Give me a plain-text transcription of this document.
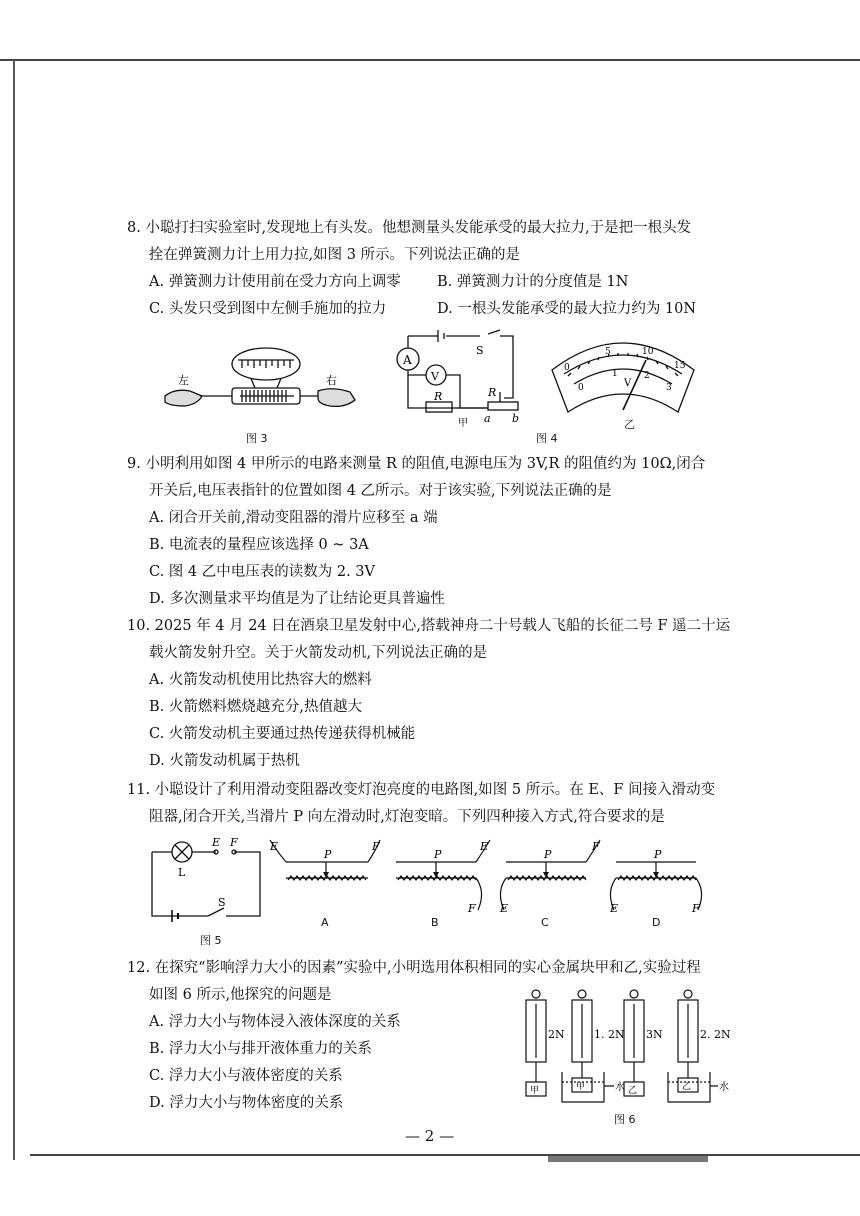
8. 小聪打扫实验室时,发现地上有头发。他想测量头发能承受的最大拉力,于是把一根头发
拴在弹簧测力计上用力拉,如图 3 所示。下列说法正确的是
A. 弹簧测力计使用前在受力方向上调零	B. 弹簧测力计的分度值是 1N
C. 头发只受到图中左侧手施加的拉力	D. 一根头发能承受的最大拉力约为 10N
左	右
图 3
A
V
S
R	R
a b
甲
图 4
0
5	10
15
0
1	2
3
V
乙
9. 小明利用如图 4 甲所示的电路来测量 R 的阻值,电源电压为 3V,R 的阻值约为 10Ω,闭合
开关后,电压表指针的位置如图 4 乙所示。对于该实验,下列说法正确的是
A. 闭合开关前,滑动变阻器的滑片应移至 a 端
B. 电流表的量程应该选择 0 ~ 3A
C. 图 4 乙中电压表的读数为 2. 3V
D. 多次测量求平均值是为了让结论更具普遍性
10. 2025 年 4 月 24 日在酒泉卫星发射中心,搭载神舟二十号载人飞船的长征二号 F 遥二十运
载火箭发射升空。关于火箭发动机,下列说法正确的是
A. 火箭发动机使用比热容大的燃料
B. 火箭燃料燃烧越充分,热值越大
C. 火箭发动机主要通过热传递获得机械能
D. 火箭发动机属于热机
11. 小聪设计了利用滑动变阻器改变灯泡亮度的电路图,如图 5 所示。在 E、F 间接入滑动变
阻器,闭合开关,当滑片 P 向左滑动时,灯泡变暗。下列四种接入方式,符合要求的是
E F
L
S
图 5
E	F
P
E
F
P
F
E
P
E	F
P
A	B	C	D
12. 在探究“影响浮力大小的因素”实验中,小明选用体积相同的实心金属块甲和乙,实验过程
如图 6 所示,他探究的问题是
A. 浮力大小与物体浸入液体深度的关系
B. 浮力大小与排开液体重力的关系
C. 浮力大小与液体密度的关系
D. 浮力大小与物体密度的关系
2N	1. 2N 3N	2. 2N
甲	甲	乙	乙
水	水
图 6
— 2 —
